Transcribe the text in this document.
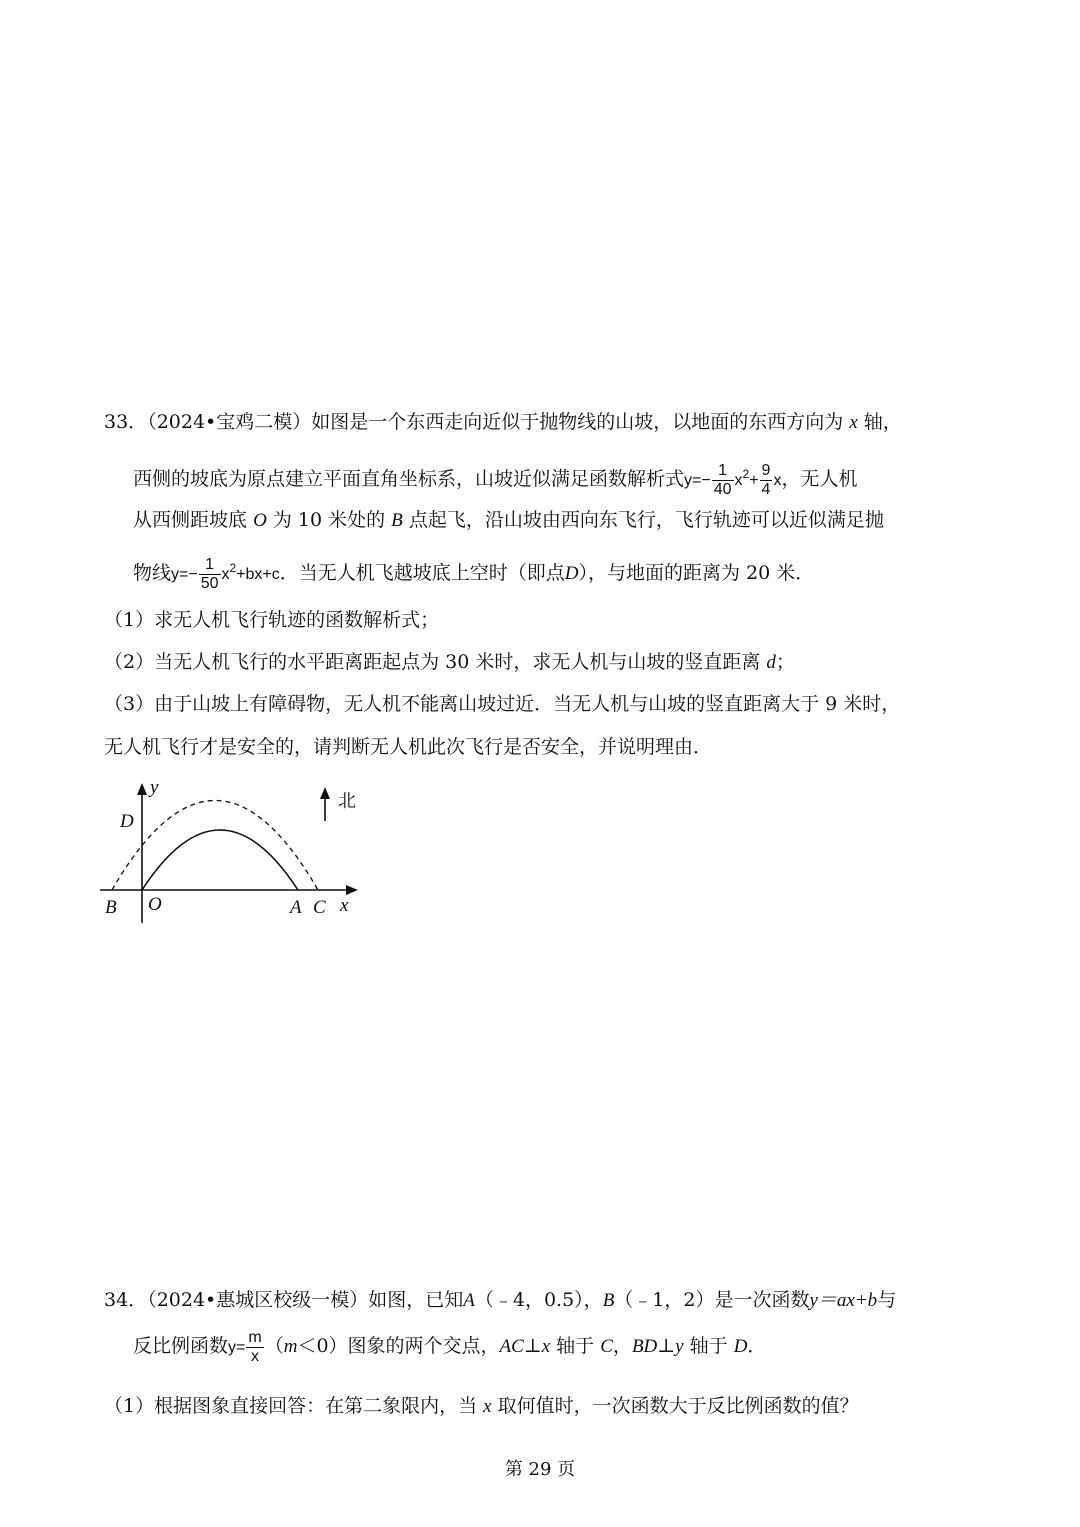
33．（2024•宝鸡二模）如图是一个东西走向近似于抛物线的山坡，以地面的东西方向为 x 轴，
西侧的坡底为原点建立平面直角坐标系，山坡近似满足函数解析式$y=- \frac{1}{40} x^2+ \frac{9}{4}$ x，无人机
从西侧距坡底 O 为 10 米处的 B 点起飞，沿山坡由西向东飞行，飞行轨迹可以近似满足抛
物线$y=- \frac{1}{50} x^2+bx+c$．当无人机飞越坡底上空时（即点D），与地面的距离为 20 米．
（1）求无人机飞行轨迹的函数解析式；
（2）当无人机飞行的水平距离距起点为 30 米时，求无人机与山坡的竖直距离 d；
（3）由于山坡上有障碍物，无人机不能离山坡过近．当无人机与山坡的竖直距离大于 9 米时，
无人机飞行才是安全的，请判断无人机此次飞行是否安全，并说明理由．
y
D
B O	A C x
北
34．（2024•惠城区校级一模）如图，已知A（﹣4，0.5），B（﹣1，2）是一次函数y＝ax+b与
反比例函数$y= \frac{m}{x} (m<0)$图象的两个交点，AC⊥x 轴于 C，BD⊥y 轴于 D．
（1）根据图象直接回答：在第二象限内，当 x 取何值时，一次函数大于反比例函数的值？
第 29 页
